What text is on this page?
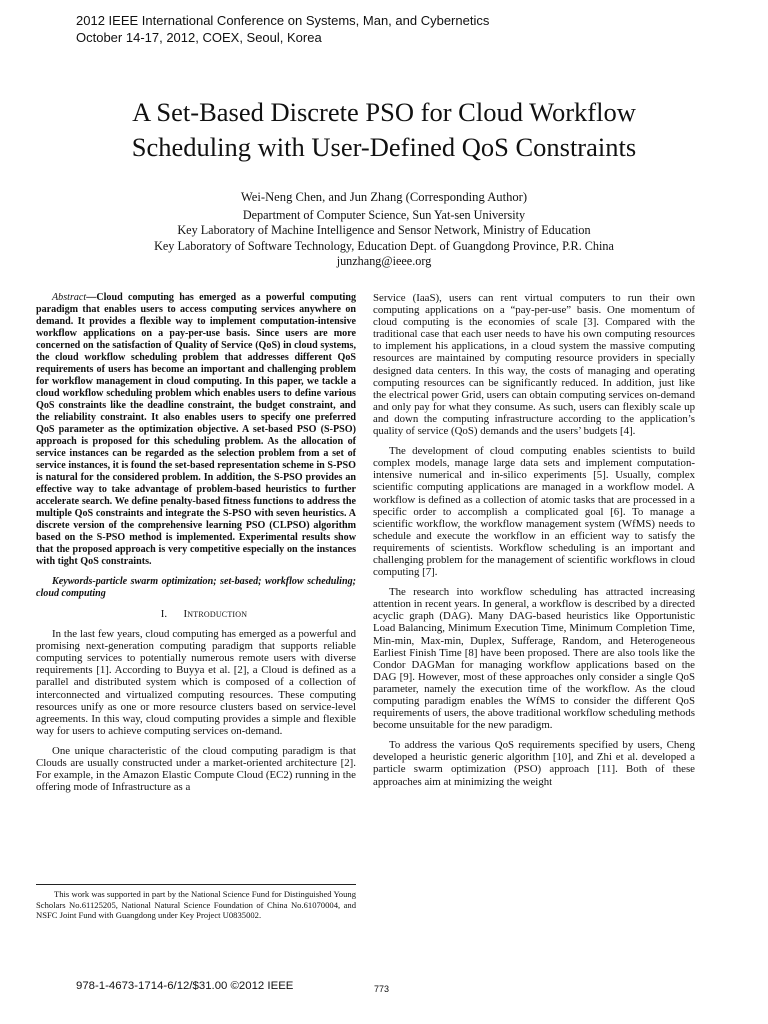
2012 IEEE International Conference on Systems, Man, and Cybernetics
October 14-17, 2012, COEX, Seoul, Korea
A Set-Based Discrete PSO for Cloud Workflow
Scheduling with User-Defined QoS Constraints
Wei-Neng Chen, and Jun Zhang (Corresponding Author)
Department of Computer Science, Sun Yat-sen University
Key Laboratory of Machine Intelligence and Sensor Network, Ministry of Education
Key Laboratory of Software Technology, Education Dept. of Guangdong Province, P.R. China
junzhang@ieee.org

Abstract—Cloud computing has emerged as a powerful computing paradigm that enables users to access computing services anywhere on demand. It provides a flexible way to implement computation-intensive workflow applications on a pay-per-use basis. Since users are more concerned on the satisfaction of Quality of Service (QoS) in cloud systems, the cloud workflow scheduling problem that addresses different QoS requirements of users has become an important and challenging problem for workflow management in cloud computing. In this paper, we tackle a cloud workflow scheduling problem which enables users to define various QoS constraints like the deadline constraint, the budget constraint, and the reliability constraint. It also enables users to specify one preferred QoS parameter as the optimization objective. A set-based PSO (S-PSO) approach is proposed for this scheduling problem. As the allocation of service instances can be regarded as the selection problem from a set of service instances, it is found the set-based representation scheme in S-PSO is natural for the considered problem. In addition, the S-PSO provides an effective way to take advantage of problem-based heuristics to further accelerate search. We define penalty-based fitness functions to address the multiple QoS constraints and integrate the S-PSO with seven heuristics. A discrete version of the comprehensive learning PSO (CLPSO) algorithm based on the S-PSO method is implemented. Experimental results show that the proposed approach is very competitive especially on the instances with tight QoS constraints.

Keywords-particle swarm optimization; set-based; workflow scheduling; cloud computing

I. Introduction

In the last few years, cloud computing has emerged as a powerful and promising next-generation computing paradigm that supports reliable computing services to potentially numerous remote users with diverse requirements [1]. According to Buyya et al. [2], a Cloud is defined as a parallel and distributed system which is composed of a collection of interconnected and virtualized computing resources. These computing resources unify as one or more resource clusters based on service-level agreements. In this way, cloud computing provides a simple and flexible way for users to achieve computing services on-demand.

One unique characteristic of the cloud computing paradigm is that Clouds are usually constructed under a market-oriented architecture [2]. For example, in the Amazon Elastic Compute Cloud (EC2) running in the offering mode of Infrastructure as a

Service (IaaS), users can rent virtual computers to run their own computing applications on a “pay-per-use” basis. One momentum of cloud computing is the economies of scale [3]. Compared with the traditional case that each user needs to have his own computing resources to implement his applications, in a cloud system the massive computing resources are maintained by computing resource providers in specially designed data centers. In this way, the costs of managing and operating computing resources can be significantly reduced. In addition, just like the electrical power Grid, users can obtain computing services on-demand and only pay for what they consume. As such, users can flexibly scale up and down the computing infrastructure according to the application’s quality of service (QoS) demands and the users’ budgets [4].

The development of cloud computing enables scientists to build complex models, manage large data sets and implement computation-intensive numerical and in-silico experiments [5]. Usually, complex scientific computing applications are managed in a workflow model. A workflow is defined as a collection of atomic tasks that are processed in a specific order to accomplish a complicated goal [6]. To manage a scientific workflow, the workflow management system (WfMS) needs to schedule and execute the workflow in an efficient way to satisfy the requirements of scientists. Workflow scheduling is an important and challenging problem for the management of scientific workflows in cloud computing [7].

The research into workflow scheduling has attracted increasing attention in recent years. In general, a workflow is described by a directed acyclic graph (DAG). Many DAG-based heuristics like Opportunistic Load Balancing, Minimum Execution Time, Minimum Completion Time, Min-min, Max-min, Duplex, Sufferage, Random, and Heterogeneous Earliest Finish Time [8] have been proposed. There are also tools like the Condor DAGMan for managing workflow applications based on the DAG [9]. However, most of these approaches only consider a single QoS parameter, namely the execution time of the workflow. As the cloud computing paradigm enables the WfMS to consider the different QoS requirements of users, the above traditional workflow scheduling methods become unsuitable for the new paradigm.

To address the various QoS requirements specified by users, Cheng developed a heuristic generic algorithm [10], and Zhi et al. developed a particle swarm optimization (PSO) approach [11]. Both of these approaches aim at minimizing the weight

This work was supported in part by the National Science Fund for Distinguished Young Scholars No.61125205, National Natural Science Foundation of China No.61070004, and NSFC Joint Fund with Guangdong under Key Project U0835002.
978-1-4673-1714-6/12/$31.00 ©2012 IEEE	773
